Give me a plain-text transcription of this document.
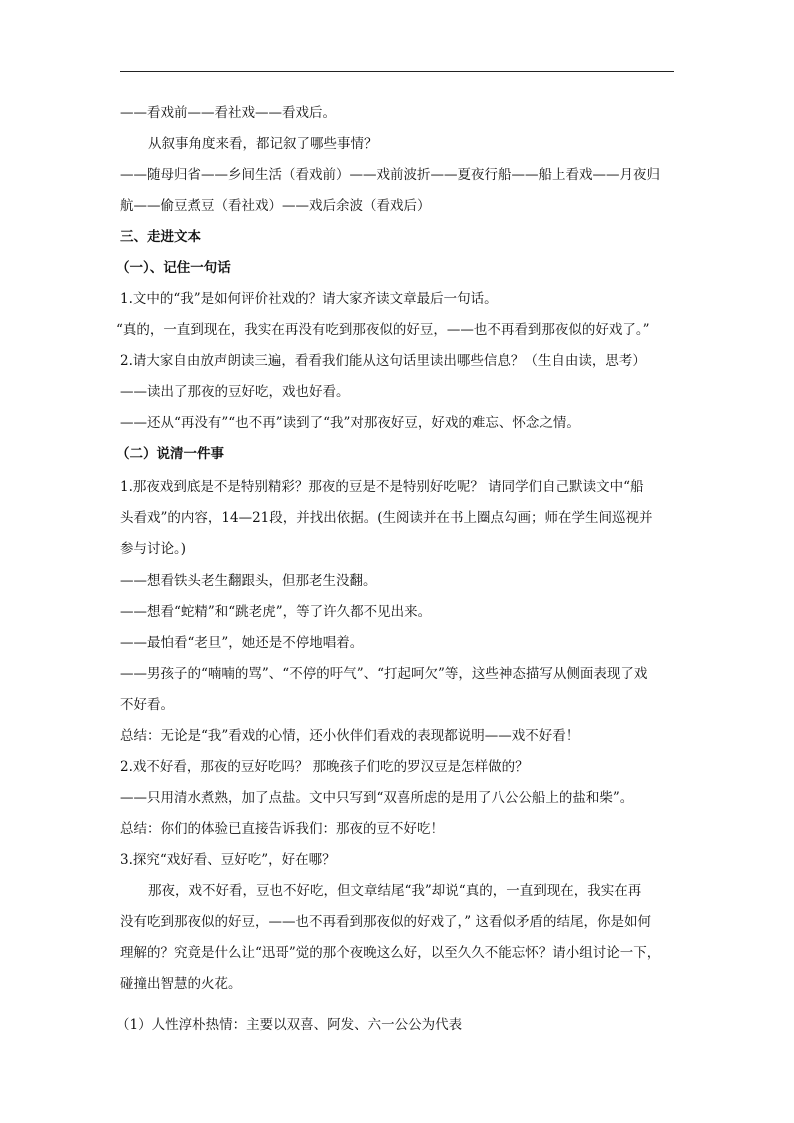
——看戏前——看社戏——看戏后。
从叙事角度来看，都记叙了哪些事情？
——随母归省——乡间生活（看戏前）——戏前波折——夏夜行船——船上看戏——月夜归
航——偷豆煮豆（看社戏）——戏后余波（看戏后）
三、走进文本
（一）、记住一句话
1.文中的“我”是如何评价社戏的？请大家齐读文章最后一句话。
“真的，一直到现在，我实在再没有吃到那夜似的好豆，——也不再看到那夜似的好戏了。”
2.请大家自由放声朗读三遍，看看我们能从这句话里读出哪些信息？（生自由读，思考）
——读出了那夜的豆好吃，戏也好看。
——还从“再没有”“也不再”读到了“我”对那夜好豆，好戏的难忘、怀念之情。
（二）说清一件事
1.那夜戏到底是不是特别精彩？那夜的豆是不是特别好吃呢？ 请同学们自己默读文中“船
头看戏”的内容，14—21段，并找出依据。(生阅读并在书上圈点勾画；师在学生间巡视并
参与讨论。)
——想看铁头老生翻跟头，但那老生没翻。
——想看“蛇精”和“跳老虎”，等了许久都不见出来。
——最怕看“老旦”，她还是不停地唱着。
——男孩子的“喃喃的骂”、“不停的吁气”、“打起呵欠”等，这些神态描写从侧面表现了戏
不好看。
总结：无论是“我”看戏的心情，还小伙伴们看戏的表现都说明——戏不好看！
2.戏不好看，那夜的豆好吃吗？ 那晚孩子们吃的罗汉豆是怎样做的？
——只用清水煮熟，加了点盐。文中只写到“双喜所虑的是用了八公公船上的盐和柴”。
总结：你们的体验已直接告诉我们：那夜的豆不好吃！
3.探究“戏好看、豆好吃”，好在哪？
那夜，戏不好看，豆也不好吃，但文章结尾“我”却说“真的，一直到现在，我实在再
没有吃到那夜似的好豆，——也不再看到那夜似的好戏了，” 这看似矛盾的结尾，你是如何
理解的？究竟是什么让“迅哥”觉的那个夜晚这么好，以至久久不能忘怀？请小组讨论一下，
碰撞出智慧的火花。
（1）人性淳朴热情：主要以双喜、阿发、六一公公为代表
